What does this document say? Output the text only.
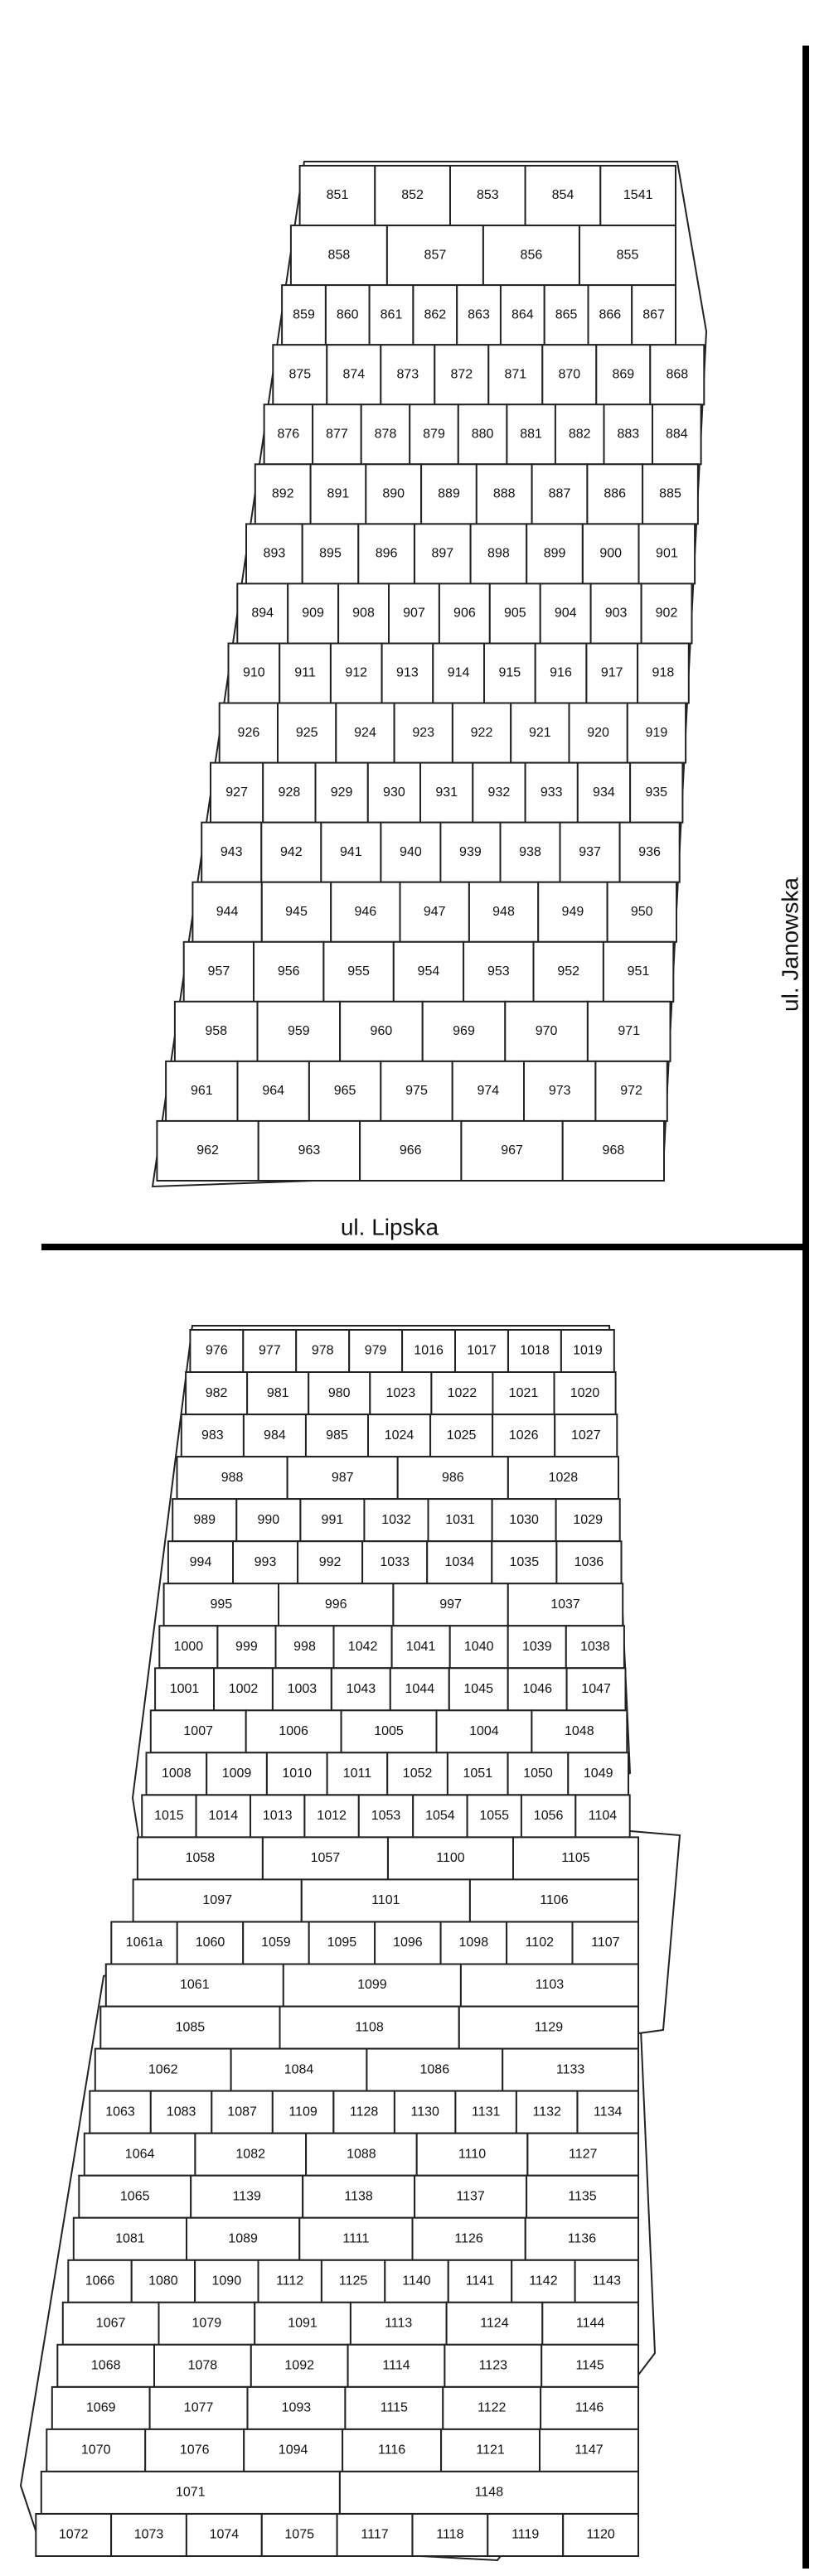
ul. Janowska
ul. Lipska
851	852	853	854	1541
858	857	856	855
859 860 861 862 863 864 865 866 867
875 874 873 872 871 870 869 868
876 877 878 879 880 881 882 883 884
892 891	890	889 888	887 886	885
893	895	896	897	898	899	900	901
894 909 908 907 906 905 904 903 902
910 911 912 913 914 915 916 917 918
926	925	924	923	922	921	920	919
927 928 929 930 931 932 933 934 935
943	942	941	940	939	938	937	936
944	945	946	947	948	949	950
957	956	955	954	953	952	951
958	959	960	969	970	971
961	964	965	975	974	973	972
962	963	966	967	968
976 977 978 979 1016 1017 1018 1019
982	981	980	1023 1022 1021 1020
983	984	985	1024 1025 1026 1027
988	987	986	1028
989	990	991	1032	1031	1030	1029
994	993	992	1033	1034	1035	1036
995	996	997	1037
1000 999	998 1042 1041 1040 1039 1038
1001 1002 1003 1043 1044 1045 1046 1047
1007	1006	1005	1004	1048
1008 1009 1010 1011 1052 1051 1050 1049
1015 1014 1013 1012 1053 1054 1055 1056 1104
1058	1057	1100	1105
1097	1101	1106
1061a 1060	1059	1095	1096	1098	1102	1107
1061	1099	1103
1085	1108	1129
1062	1084	1086	1133
1063 1083 1087 1109 1128 1130 1131 1132 1134
1064	1082	1088	1110	1127
1065	1139	1138	1137	1135
1081	1089	1111	1126	1136
1066	1080	1090	1112	1125	1140	1141	1142	1143
1067	1079	1091	1113	1124	1144
1068	1078	1092	1114	1123	1145
1069	1077	1093	1115	1122	1146
1070	1076	1094	1116	1121	1147
1071	1148
1072	1073	1074	1075	1117	1118	1119	1120
